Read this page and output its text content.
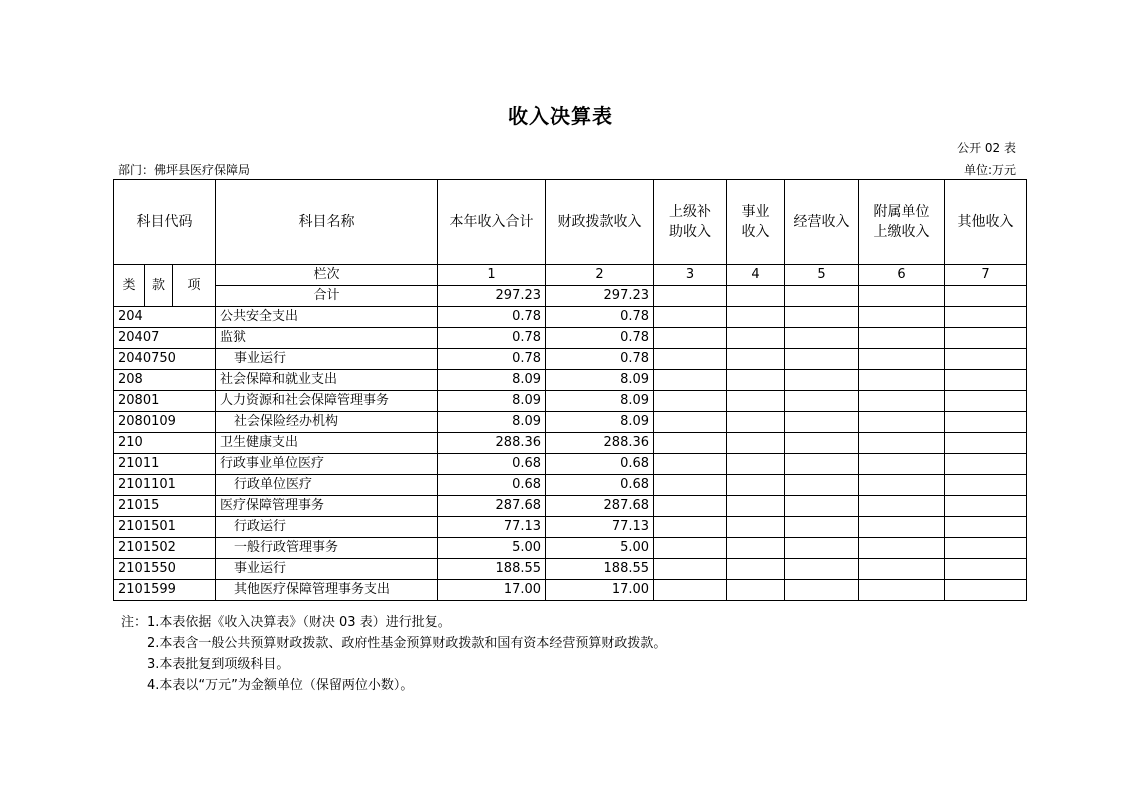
收入决算表
公开 02 表
部门：佛坪县医疗保障局	单位:万元
科目代码			科目名称	本年收入合计	财政拨款收入	上级补助收入	事业收入	经营收入	附属单位上缴收入	其他收入
类	款	项	栏次	1	2	3	4	5	6	7
			合计	297.23	297.23					
204			公共安全支出	0.78	0.78					
20407			监狱	0.78	0.78					
2040750			事业运行	0.78	0.78					
208			社会保障和就业支出	8.09	8.09					
20801			人力资源和社会保障管理事务	8.09	8.09					
2080109			社会保险经办机构	8.09	8.09					
210			卫生健康支出	288.36	288.36					
21011			行政事业单位医疗	0.68	0.68					
2101101			行政单位医疗	0.68	0.68					
21015			医疗保障管理事务	287.68	287.68					
2101501			行政运行	77.13	77.13					
2101502			一般行政管理事务	5.00	5.00					
2101550			事业运行	188.55	188.55					
2101599			其他医疗保障管理事务支出	17.00	17.00					
注：1.本表依据《收入决算表》（财决 03 表）进行批复。
2.本表含一般公共预算财政拨款、政府性基金预算财政拨款和国有资本经营预算财政拨款。
3.本表批复到项级科目。
4.本表以“万元”为金额单位（保留两位小数）。
